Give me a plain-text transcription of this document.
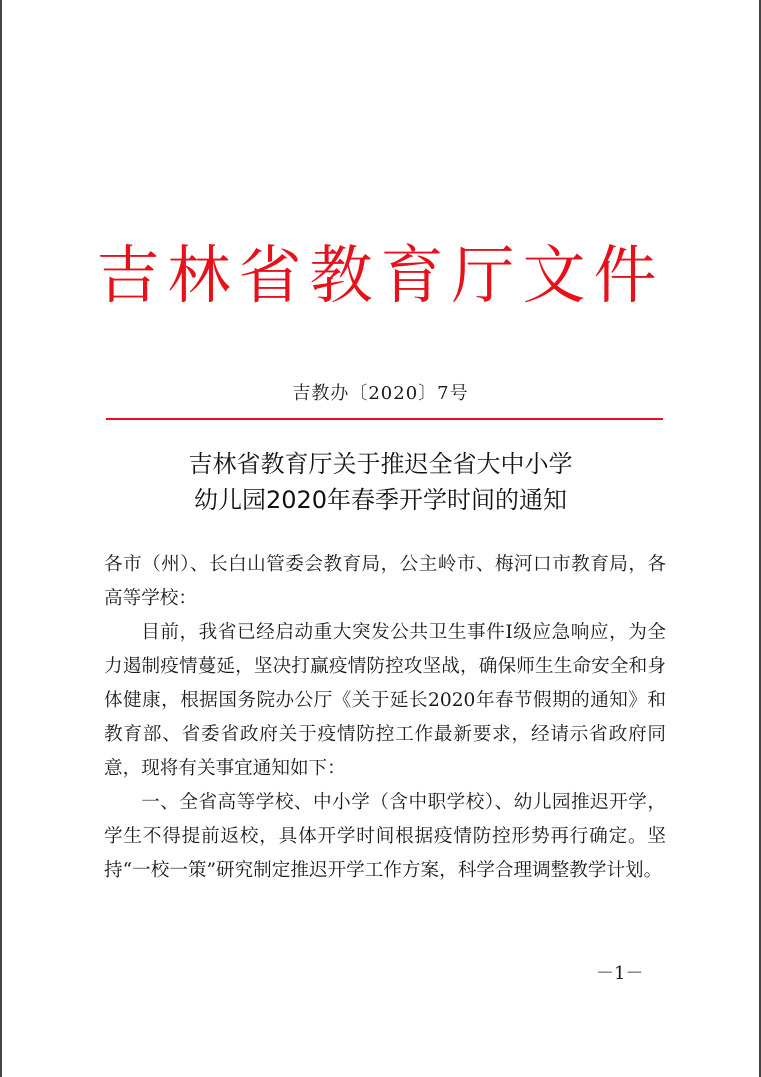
吉林省教育厅文件
吉教办〔2020〕7号
吉林省教育厅关于推迟全省大中小学
幼儿园2020年春季开学时间的通知

各市（州）、长白山管委会教育局，公主岭市、梅河口市教育局，各高等学校：

目前，我省已经启动重大突发公共卫生事件Ⅰ级应急响应，为全力遏制疫情蔓延，坚决打赢疫情防控攻坚战，确保师生生命安全和身体健康，根据国务院办公厅《关于延长2020年春节假期的通知》和教育部、省委省政府关于疫情防控工作最新要求，经请示省政府同意，现将有关事宜通知如下：

一、全省高等学校、中小学（含中职学校）、幼儿园推迟开学，学生不得提前返校，具体开学时间根据疫情防控形势再行确定。坚持“一校一策”研究制定推迟开学工作方案，科学合理调整教学计划。

－1－
